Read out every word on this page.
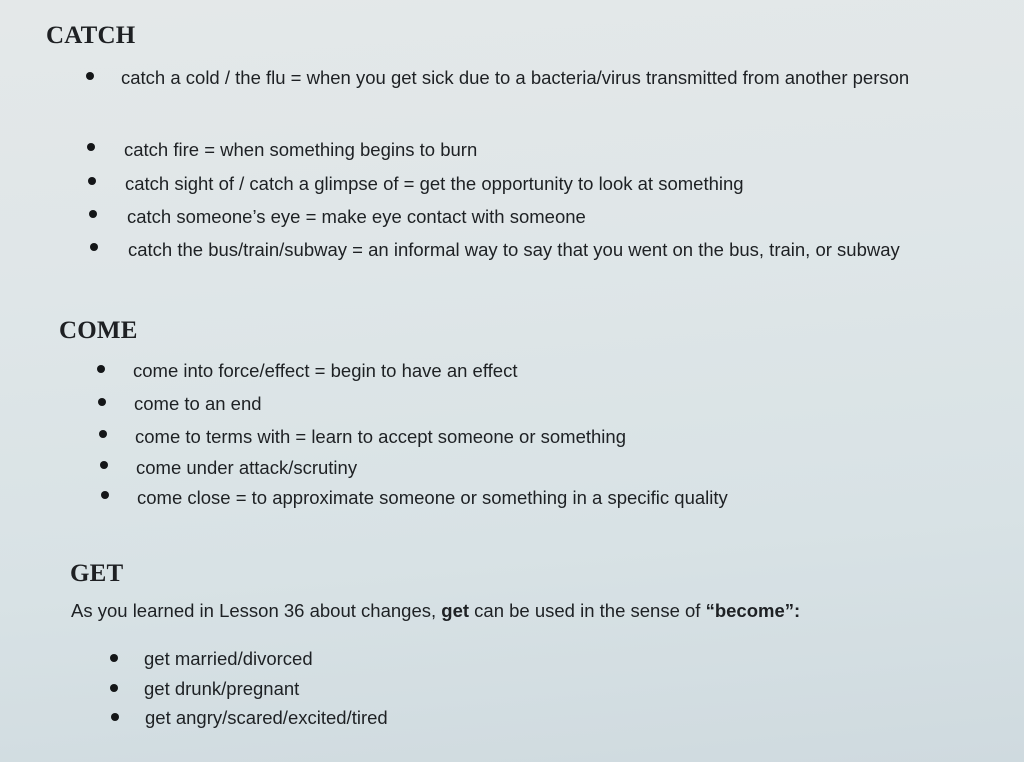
CATCH
catch a cold / the flu = when you get sick due to a bacteria/virus transmitted from another person
catch fire = when something begins to burn
catch sight of / catch a glimpse of = get the opportunity to look at something
catch someone’s eye = make eye contact with someone
catch the bus/train/subway = an informal way to say that you went on the bus, train, or subway
COME
come into force/effect = begin to have an effect
come to an end
come to terms with = learn to accept someone or something
come under attack/scrutiny
come close = to approximate someone or something in a specific quality
GET
As you learned in Lesson 36 about changes, get can be used in the sense of “become”:
get married/divorced
get drunk/pregnant
get angry/scared/excited/tired
